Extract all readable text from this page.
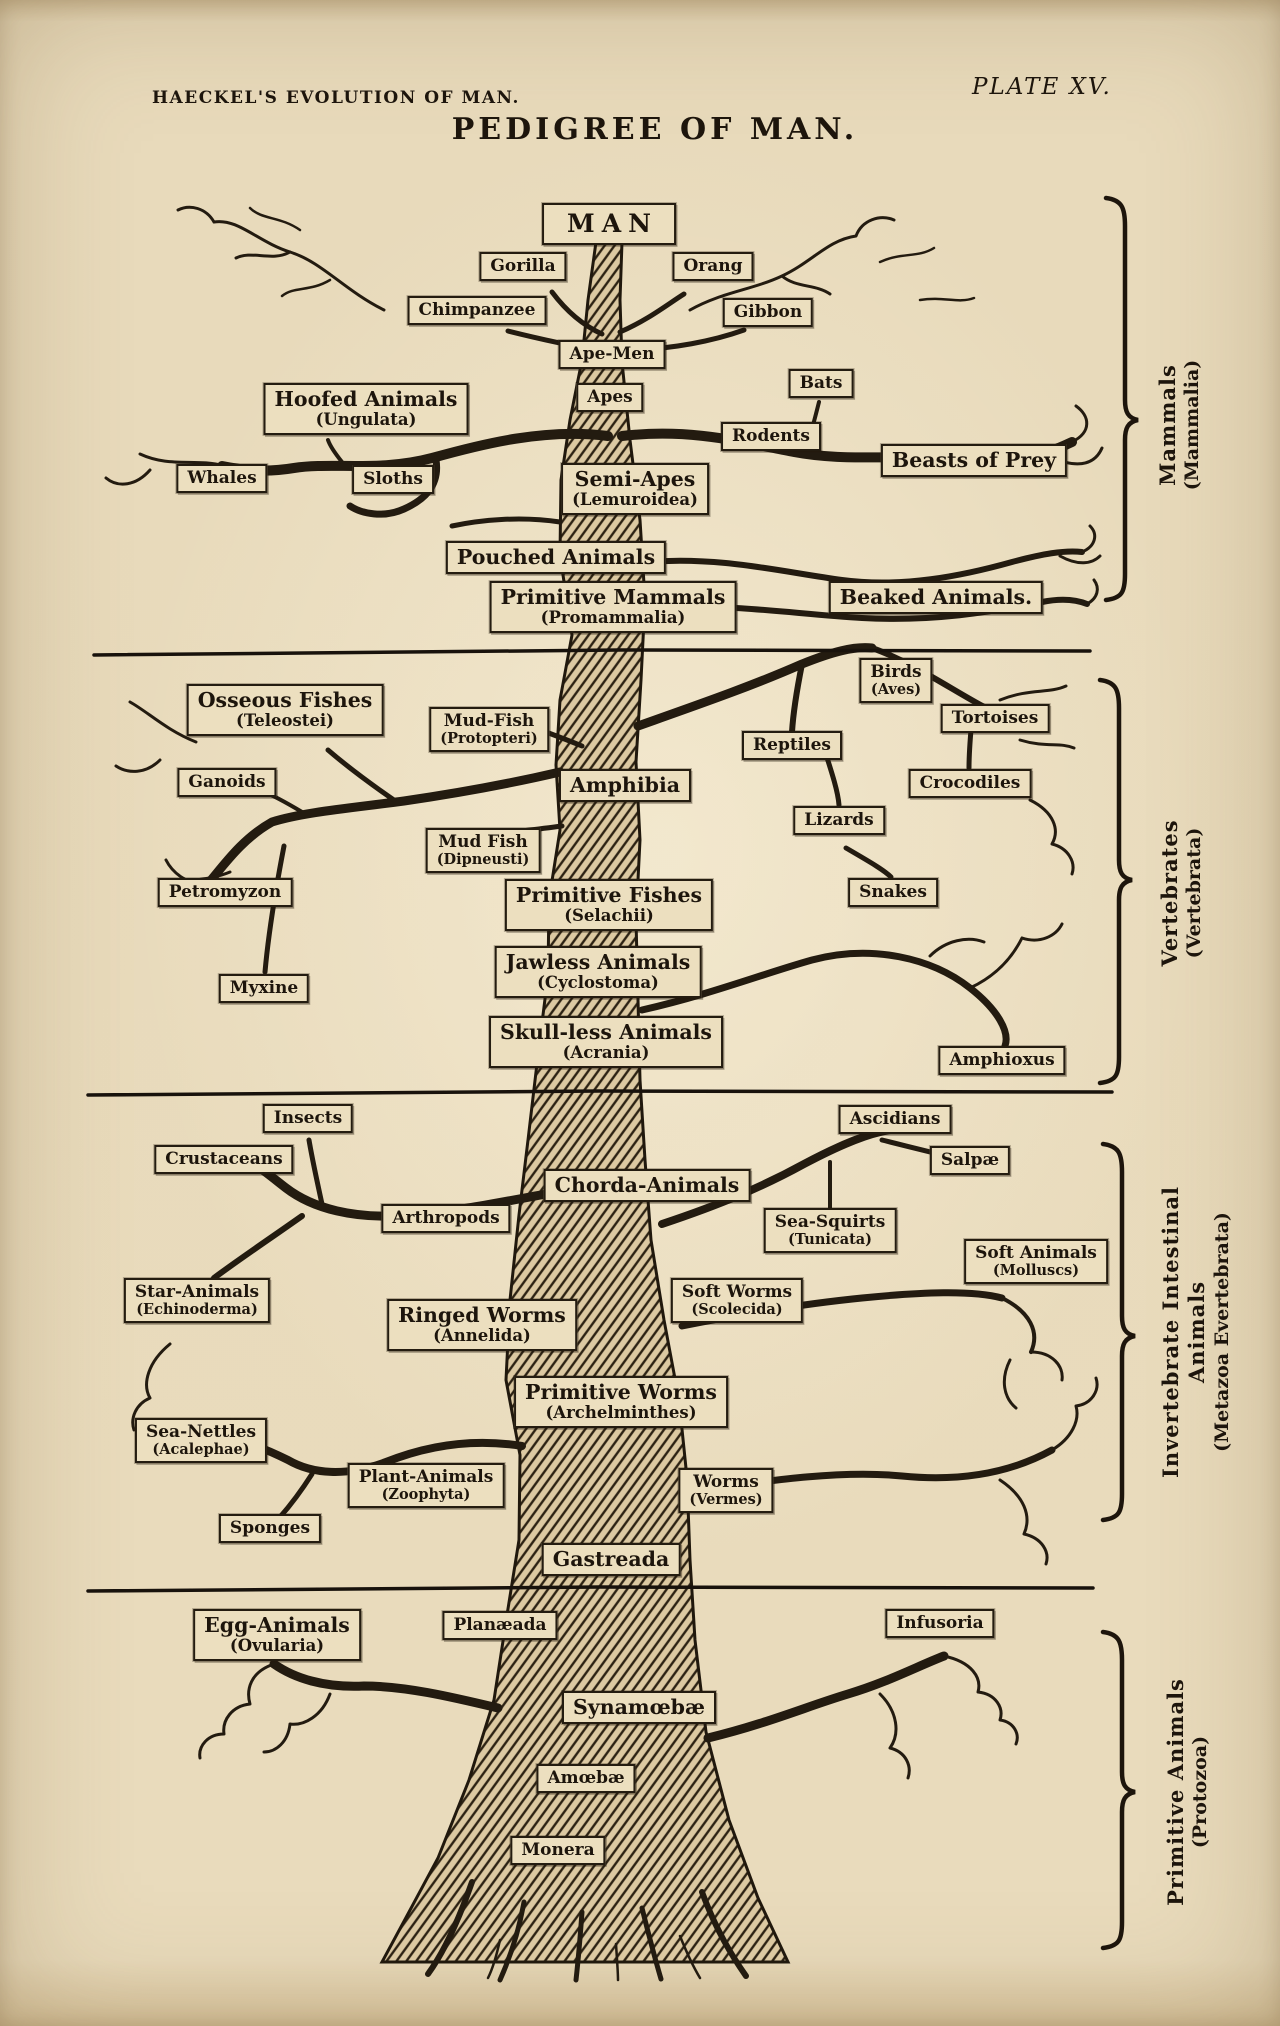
HAECKEL'S EVOLUTION OF MAN.	PLATE XV.
PEDIGREE OF MAN.
MAN
Gorilla	Orang
Chimpanzee	Gibbon
Ape-Men
Apes
Bats
Rodents
Hoofed Animals
(Ungulata)
Whales	Sloths
Beasts of Prey
Semi-Apes
(Lemuroidea)
Pouched Animals
Primitive Mammals
(Promammalia)
Beaked Animals.
Osseous Fishes
(Teleostei)	Mud-Fish
(Protopteri)
Ganoids	Amphibia
Mud Fish
(Dipneusti)
Birds
(Aves)
Tortoises
Reptiles
Crocodiles
Lizards
Snakes
Petromyzon	Primitive Fishes
(Selachii)
Jawless Animals
(Cyclostoma)
Myxine
Skull-less Animals
(Acrania)	Amphioxus
Insects
Crustaceans
Arthropods
Chorda-Animals
Ascidians
Salpæ
Sea-Squirts
(Tunicata)
Star-Animals
(Echinoderma)
Soft Animals
(Molluscs)
Ringed Worms
(Annelida)
Soft Worms
(Scolecida)
Primitive Worms
(Archelminthes)
Sea-Nettles
(Acalephae)
Plant-Animals
(Zoophyta)
Worms
(Vermes)
Sponges
Gastreada
Egg-Animals
(Ovularia)
Planæada	Infusoria
Synamœbæ
Amœbæ
Monera
Mammals (Mammalia)
Vertebrates (Vertebrata)
Invertebrate Intestinal Animals (Metazoa Evertebrata)
Primitive Animals (Protozoa)
